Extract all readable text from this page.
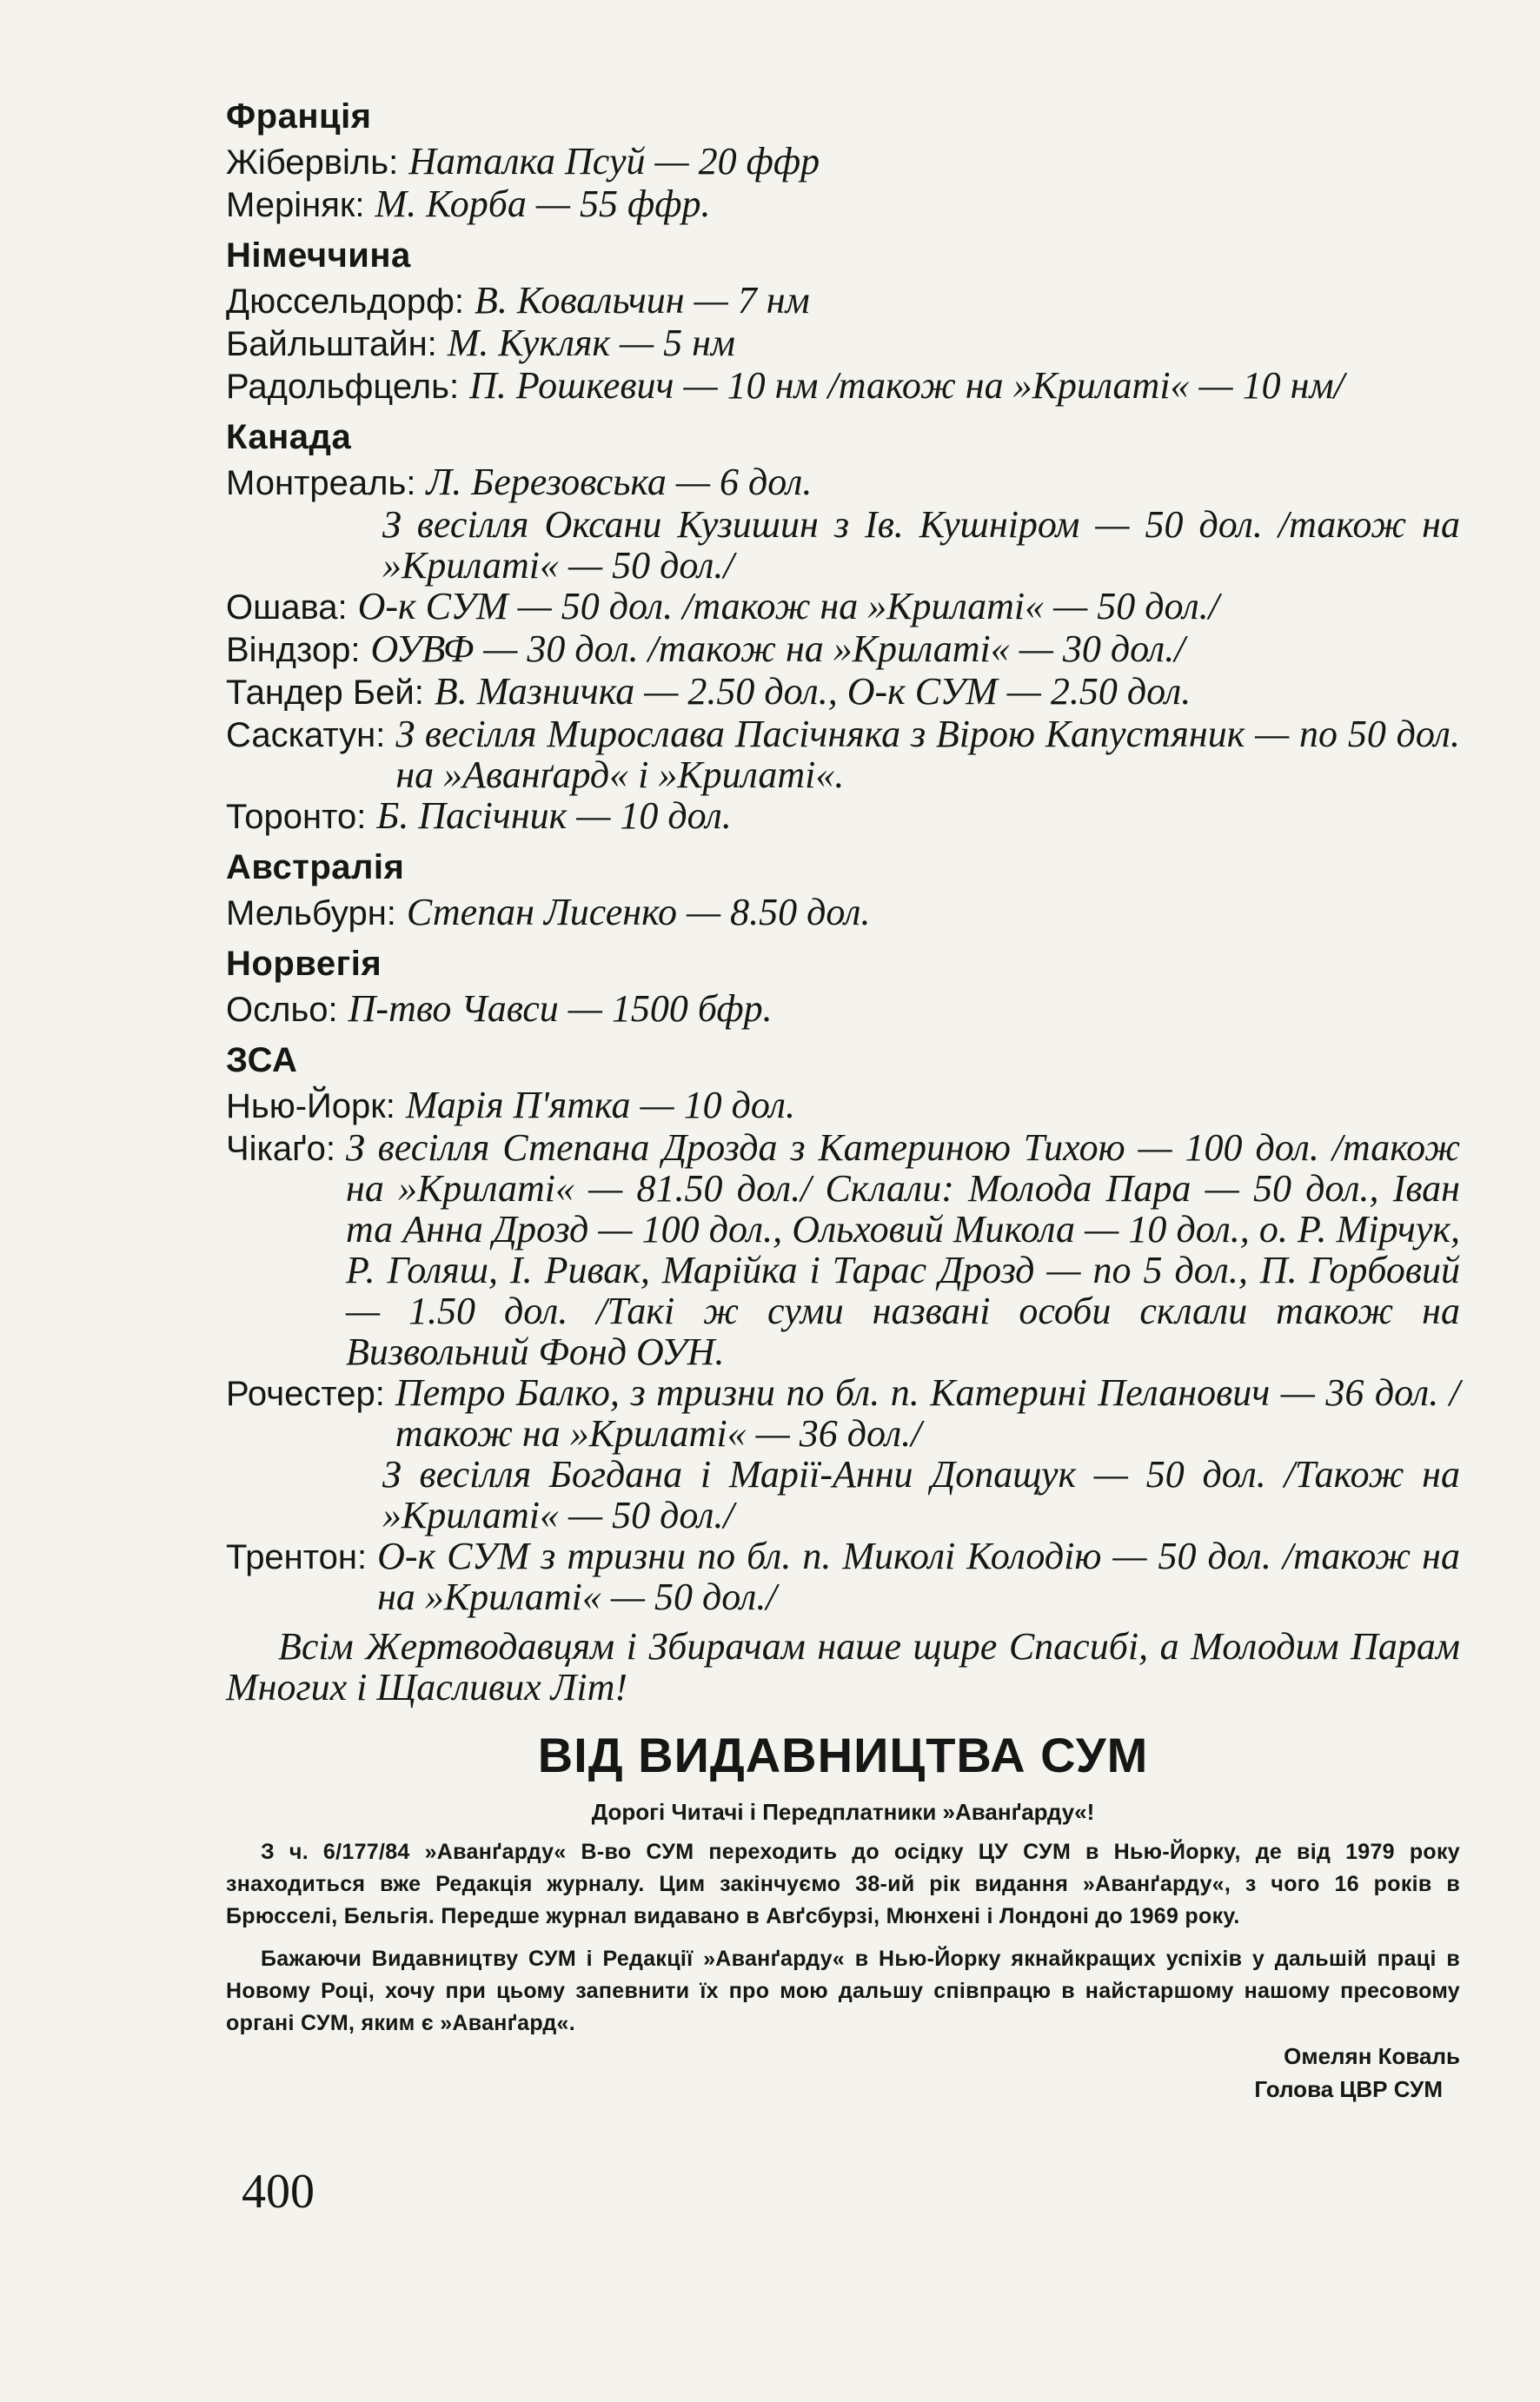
Франція
Жібервіль: Наталка Псуй — 20 ффр
Меріняк: М. Корба — 55 ффр.
Німеччина
Дюссельдорф: В. Ковальчин — 7 нм
Байльштайн: М. Кукляк — 5 нм
Радольфцель: П. Рошкевич — 10 нм /також на »Крилаті« — 10 нм/
Канада
Монтреаль: Л. Березовська — 6 дол.
З весілля Оксани Кузишин з Ів. Кушніром — 50 дол. /також на »Крилаті« — 50 дол./
Ошава: О-к СУМ — 50 дол. /також на »Крилаті« — 50 дол./
Віндзор: ОУВФ — 30 дол. /також на »Крилаті« — 30 дол./
Тандер Бей: В. Мазничка — 2.50 дол., О-к СУМ — 2.50 дол.
Саскатун: З весілля Мирослава Пасічняка з Вірою Капустяник — по 50 дол. на »Аванґард« і »Крилаті«.
Торонто: Б. Пасічник — 10 дол.
Австралія
Мельбурн: Степан Лисенко — 8.50 дол.
Норвегія
Осльо: П-тво Чавси — 1500 бфр.
ЗСА
Нью-Йорк: Марія П'ятка — 10 дол.
Чікаґо: З весілля Степана Дрозда з Катериною Тихою — 100 дол. /також на »Крилаті« — 81.50 дол./ Склали: Молода Пара — 50 дол., Іван та Анна Дрозд — 100 дол., Ольховий Микола — 10 дол., о. Р. Мірчук, Р. Голяш, І. Ривак, Марійка і Тарас Дрозд — по 5 дол., П. Горбовий — 1.50 дол. /Такі ж суми названі особи склали також на Визвольний Фонд ОУН.
Рочестер: Петро Балко, з тризни по бл. п. Катерині Пеланович — 36 дол. /також на »Крилаті« — 36 дол./
З весілля Богдана і Марії-Анни Допащук — 50 дол. /Також на »Крилаті« — 50 дол./
Трентон: О-к СУМ з тризни по бл. п. Миколі Колодію — 50 дол. /також на на »Крилаті« — 50 дол./
Всім Жертводавцям і Збирачам наше щире Спасибі, а Молодим Парам Многих і Щасливих Літ!
ВІД ВИДАВНИЦТВА СУМ
Дорогі Читачі і Передплатники »Аванґарду«!
З ч. 6/177/84 »Аванґарду« В-во СУМ переходить до осідку ЦУ СУМ в Нью-Йорку, де від 1979 року знаходиться вже Редакція журналу. Цим закінчуємо 38-ий рік видання »Аванґарду«, з чого 16 років в Брюсселі, Бельгія. Передше журнал видавано в Авґсбурзі, Мюнхені і Лондоні до 1969 року.
Бажаючи Видавництву СУМ і Редакції »Аванґарду« в Нью-Йорку якнайкращих успіхів у дальшій праці в Новому Році, хочу при цьому запевнити їх про мою дальшу співпрацю в найстаршому нашому пресовому органі СУМ, яким є »Аванґард«.
Омелян Коваль
Голова ЦВР СУМ
400
